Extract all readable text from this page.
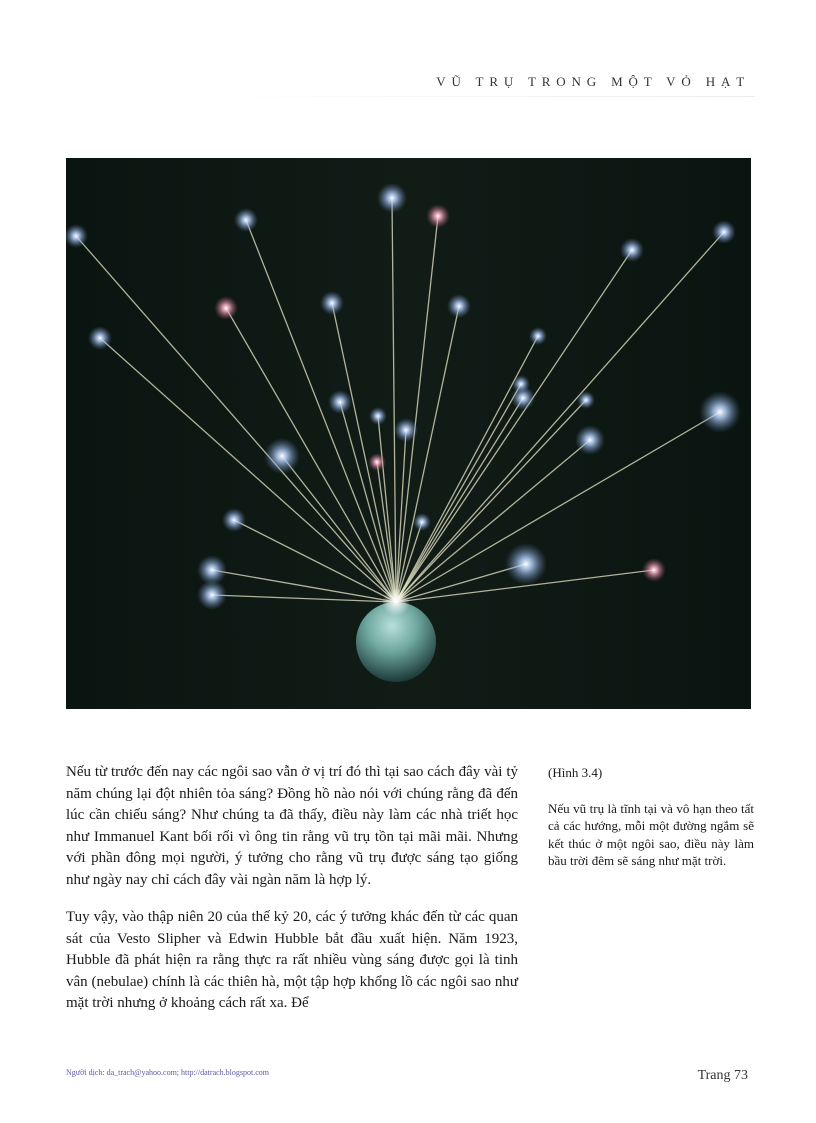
VŨ TRỤ TRONG MỘT VỎ HẠT

Nếu từ trước đến nay các ngôi sao vẫn ở vị trí đó thì tại sao cách đây vài tỷ năm chúng lại đột nhiên tỏa sáng? Đồng hồ nào nói với chúng rằng đã đến lúc cần chiếu sáng? Như chúng ta đã thấy, điều này làm các nhà triết học như Immanuel Kant bối rối vì ông tin rằng vũ trụ tồn tại mãi mãi. Nhưng với phần đông mọi người, ý tưởng cho rằng vũ trụ được sáng tạo giống như ngày nay chỉ cách đây vài ngàn năm là hợp lý.

Tuy vậy, vào thập niên 20 của thế kỷ 20, các ý tưởng khác đến từ các quan sát của Vesto Slipher và Edwin Hubble bắt đầu xuất hiện. Năm 1923, Hubble đã phát hiện ra rằng thực ra rất nhiều vùng sáng được gọi là tinh vân (nebulae) chính là các thiên hà, một tập hợp khổng lồ các ngôi sao như mặt trời nhưng ở khoảng cách rất xa. Để

(Hình 3.4)

Nếu vũ trụ là tĩnh tại và vô hạn theo tất cả các hướng, mỗi một đường ngắm sẽ kết thúc ở một ngôi sao, điều này làm bầu trời đêm sẽ sáng như mặt trời.

Người dịch: da_trach@yahoo.com; http://datrach.blogspot.com	Trang 73
